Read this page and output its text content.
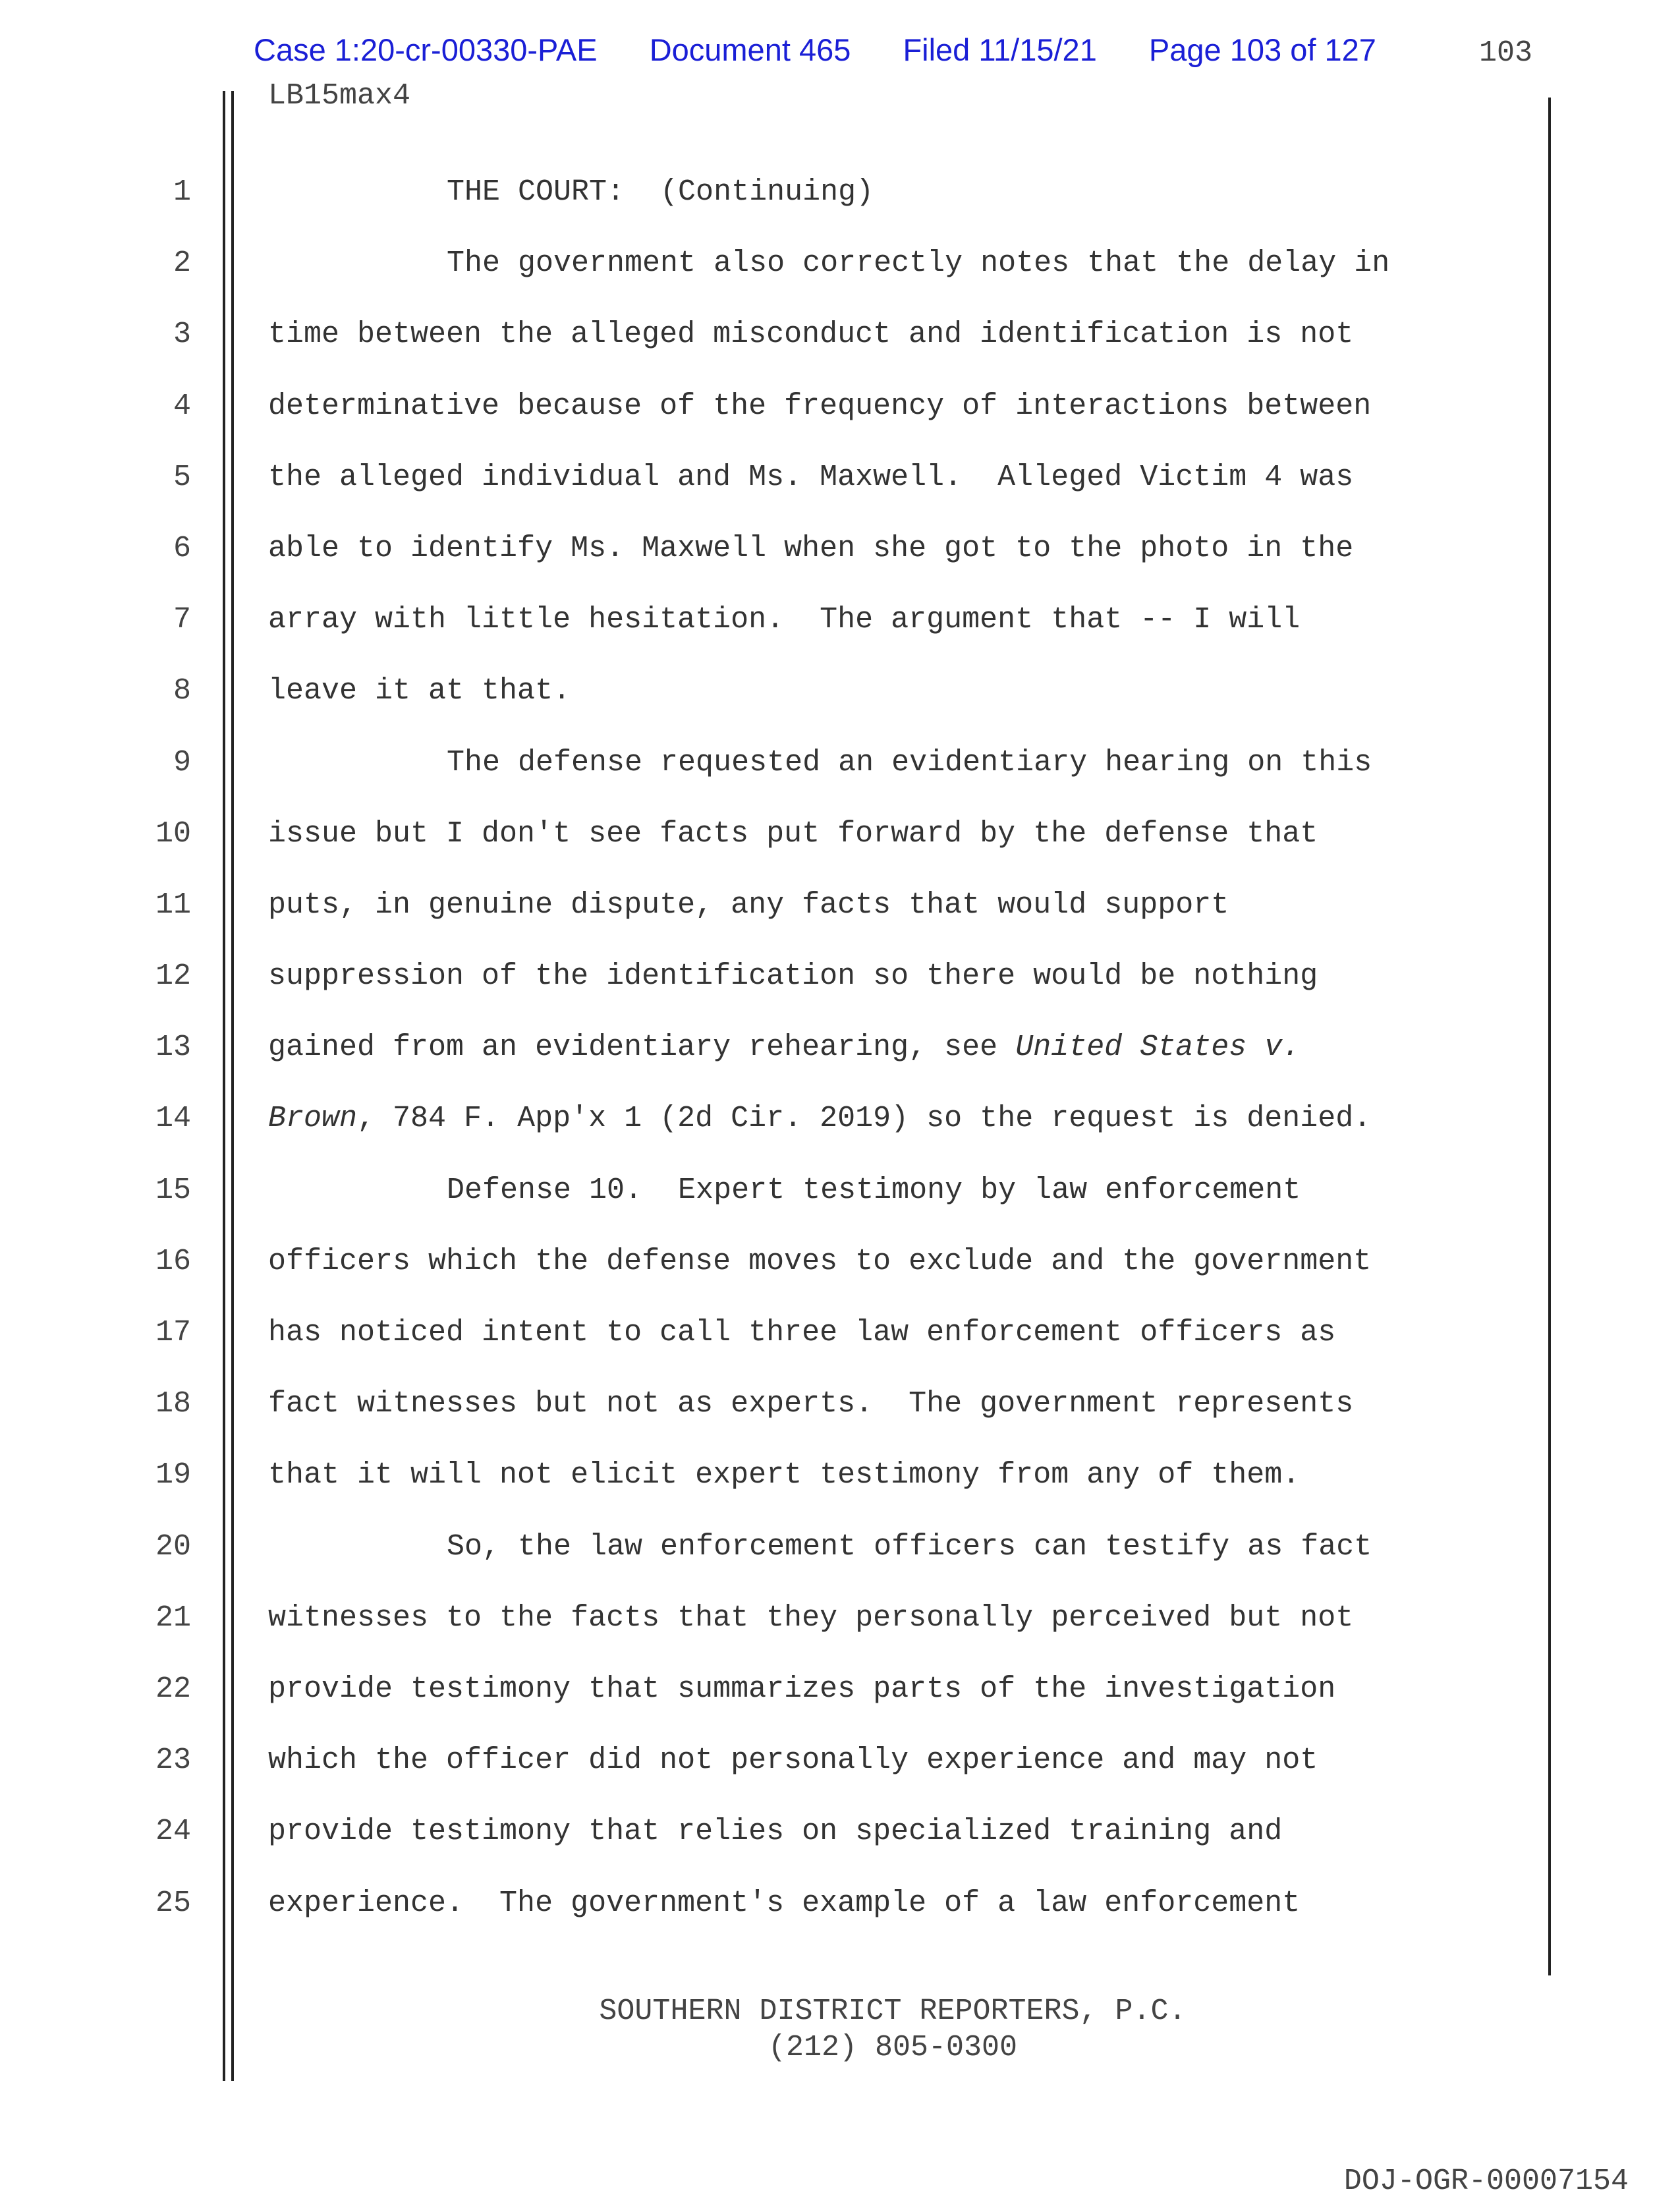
Case 1:20-cr-00330-PAE Document 465 Filed 11/15/21 Page 103 of 127	103
LB15max4
1	THE COURT:  (Continuing)
2	The government also correctly notes that the delay in
3	time between the alleged misconduct and identification is not
4	determinative because of the frequency of interactions between
5	the alleged individual and Ms. Maxwell.  Alleged Victim 4 was
6	able to identify Ms. Maxwell when she got to the photo in the
7	array with little hesitation.  The argument that -- I will
8	leave it at that.
9	The defense requested an evidentiary hearing on this
10	issue but I don't see facts put forward by the defense that
11	puts, in genuine dispute, any facts that would support
12	suppression of the identification so there would be nothing
13	gained from an evidentiary rehearing, see United States v.
14	Brown, 784 F. App'x 1 (2d Cir. 2019) so the request is denied.
15	Defense 10.  Expert testimony by law enforcement
16	officers which the defense moves to exclude and the government
17	has noticed intent to call three law enforcement officers as
18	fact witnesses but not as experts.  The government represents
19	that it will not elicit expert testimony from any of them.
20	So, the law enforcement officers can testify as fact
21	witnesses to the facts that they personally perceived but not
22	provide testimony that summarizes parts of the investigation
23	which the officer did not personally experience and may not
24	provide testimony that relies on specialized training and
25	experience.  The government's example of a law enforcement
SOUTHERN DISTRICT REPORTERS, P.C.
(212) 805-0300
DOJ-OGR-00007154
